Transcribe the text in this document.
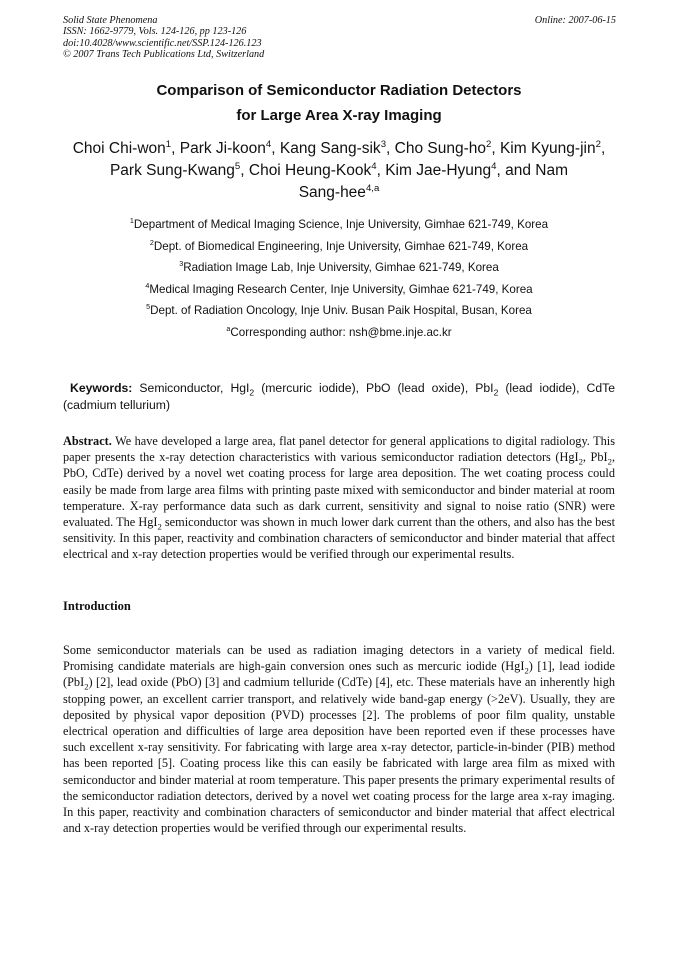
Solid State Phenomena
ISSN: 1662-9779, Vols. 124-126, pp 123-126
doi:10.4028/www.scientific.net/SSP.124-126.123
© 2007 Trans Tech Publications Ltd, Switzerland
Online: 2007-06-15
Comparison of Semiconductor Radiation Detectors
for Large Area X-ray Imaging
Choi Chi-won$^1$, Park Ji-koon$^4$, Kang Sang-sik$^3$, Cho Sung-$ho^2$, Kim Kyung-jin$^2$,
Park Sung-Kwang$^5$, Choi Heung-Kook$^4$, Kim Jae-Hyung$^4$, and Nam
Sang-hee$^{4,a}$
$^1$Department of Medical Imaging Science, Inje University, Gimhae 621-749, Korea
$^2$Dept. of Biomedical Engineering, Inje University, Gimhae 621-749, Korea
$^3$Radiation Image Lab, Inje University, Gimhae 621-749, Korea
$^4$Medical Imaging Research Center, Inje University, Gimhae 621-749, Korea
$^5$Dept. of Radiation Oncology, Inje Univ. Busan Paik Hospital, Busan, Korea
$^a$Corresponding author: nsh@bme.inje.ac.kr
Keywords: Semiconductor, HgI$_2$ (mercuric iodide), PbO (lead oxide), PbI$_2$ (lead iodide), CdTe (cadmium tellurium)
Abstract. We have developed a large area, flat panel detector for general applications to digital radiology. This paper presents the x-ray detection characteristics with various semiconductor radiation detectors (HgI$_2$, PbI$_2$, PbO, CdTe) derived by a novel wet coating process for large area deposition. The wet coating process could easily be made from large area films with printing paste mixed with semiconductor and binder material at room temperature. X-ray performance data such as dark current, sensitivity and signal to noise ratio (SNR) were evaluated. The HgI$_2$ semiconductor was shown in much lower dark current than the others, and also has the best sensitivity. In this paper, reactivity and combination characters of semiconductor and binder material that affect electrical and x-ray detection properties would be verified through our experimental results.
Introduction
Some semiconductor materials can be used as radiation imaging detectors in a variety of medical field. Promising candidate materials are high-gain conversion ones such as mercuric iodide (HgI$_2$) [1], lead iodide (PbI$_2$) [2], lead oxide (PbO) [3] and cadmium telluride (CdTe) [4], etc. These materials have an inherently high stopping power, an excellent carrier transport, and relatively wide band-gap energy (>2eV). Usually, they are deposited by physical vapor deposition (PVD) processes [2]. The problems of poor film quality, unstable electrical operation and difficulties of large area deposition have been reported even if these processes have such excellent x-ray sensitivity. For fabricating with large area x-ray detector, particle-in-binder (PIB) method has been reported [5]. Coating process like this can easily be fabricated with large area film as mixed with semiconductor and binder material at room temperature. This paper presents the primary experimental results of the semiconductor radiation detectors, derived by a novel wet coating process for the large area x-ray imaging. In this paper, reactivity and combination characters of semiconductor and binder material that affect electrical and x-ray detection properties would be verified through our experimental results.
